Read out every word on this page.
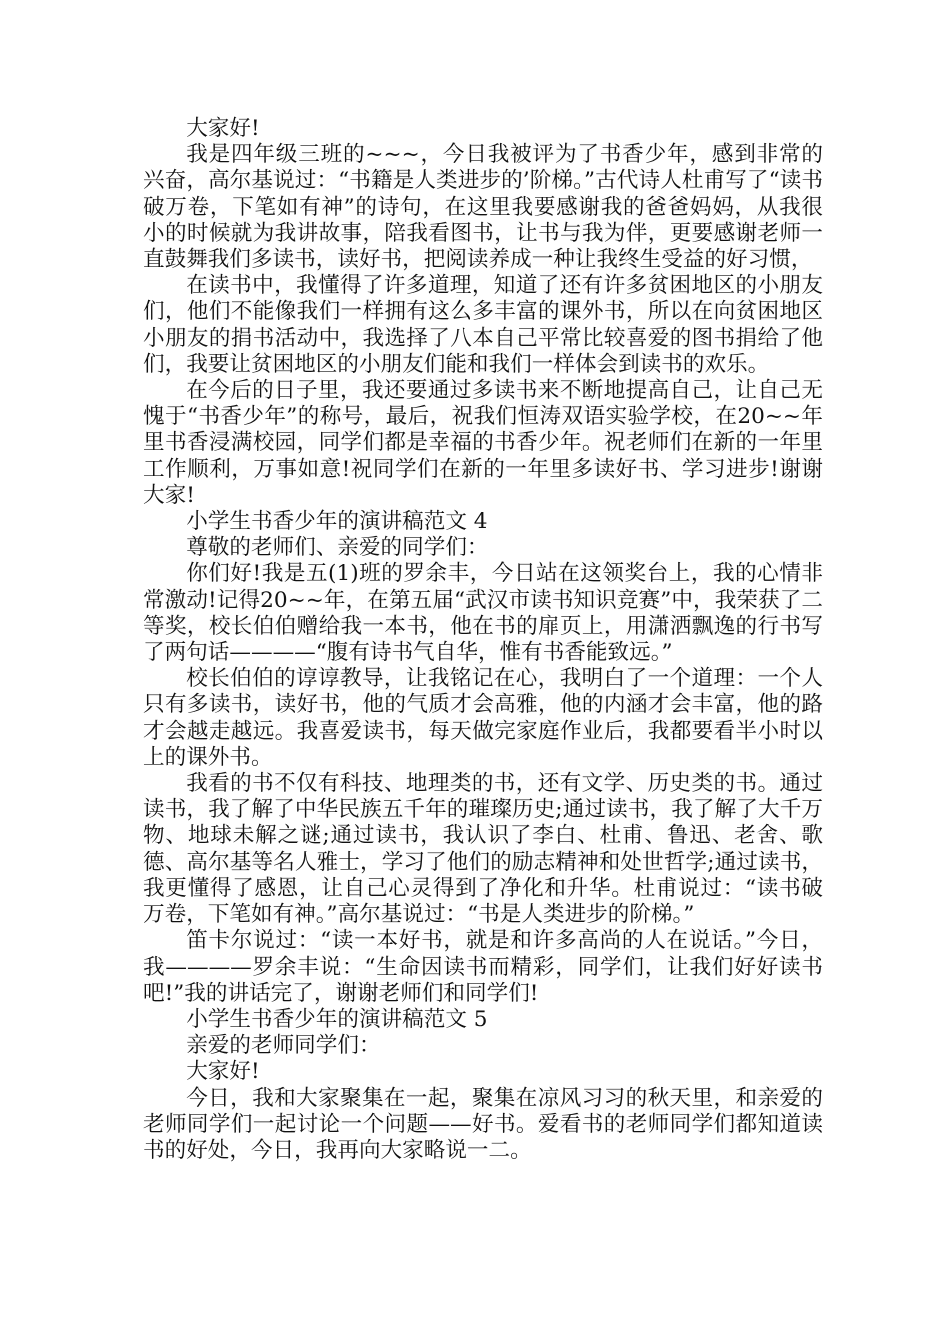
大家好!

我是四年级三班的~~~，今日我被评为了书香少年，感到非常的兴奋，高尔基说过：“书籍是人类进步的’阶梯。”古代诗人杜甫写了“读书破万卷，下笔如有神”的诗句，在这里我要感谢我的爸爸妈妈，从我很小的时候就为我讲故事，陪我看图书，让书与我为伴，更要感谢老师一直鼓舞我们多读书，读好书，把阅读养成一种让我终生受益的好习惯，

在读书中，我懂得了许多道理，知道了还有许多贫困地区的小朋友们，他们不能像我们一样拥有这么多丰富的课外书，所以在向贫困地区小朋友的捐书活动中，我选择了八本自己平常比较喜爱的图书捐给了他们，我要让贫困地区的小朋友们能和我们一样体会到读书的欢乐。

在今后的日子里，我还要通过多读书来不断地提高自己，让自己无愧于“书香少年”的称号，最后，祝我们恒涛双语实验学校，在20~~年里书香浸满校园，同学们都是幸福的书香少年。祝老师们在新的一年里工作顺利，万事如意!祝同学们在新的一年里多读好书、学习进步!谢谢大家!

小学生书香少年的演讲稿范文 4

尊敬的老师们、亲爱的同学们：

你们好!我是五(1)班的罗余丰，今日站在这领奖台上，我的心情非常激动!记得20~~年，在第五届“武汉市读书知识竞赛”中，我荣获了二等奖，校长伯伯赠给我一本书，他在书的扉页上，用潇洒飘逸的行书写了两句话————“腹有诗书气自华，惟有书香能致远。”

校长伯伯的谆谆教导，让我铭记在心，我明白了一个道理：一个人只有多读书，读好书，他的气质才会高雅，他的内涵才会丰富，他的路才会越走越远。我喜爱读书，每天做完家庭作业后，我都要看半小时以上的课外书。

我看的书不仅有科技、地理类的书，还有文学、历史类的书。通过读书，我了解了中华民族五千年的璀璨历史;通过读书，我了解了大千万物、地球未解之谜;通过读书，我认识了李白、杜甫、鲁迅、老舍、歌德、高尔基等名人雅士，学习了他们的励志精神和处世哲学;通过读书，我更懂得了感恩，让自己心灵得到了净化和升华。杜甫说过：“读书破万卷，下笔如有神。”高尔基说过：“书是人类进步的阶梯。”

笛卡尔说过：“读一本好书，就是和许多高尚的人在说话。”今日，我————罗余丰说：“生命因读书而精彩，同学们，让我们好好读书吧!”我的讲话完了，谢谢老师们和同学们!

小学生书香少年的演讲稿范文 5

亲爱的老师同学们：

大家好!

今日，我和大家聚集在一起，聚集在凉风习习的秋天里，和亲爱的老师同学们一起讨论一个问题——好书。爱看书的老师同学们都知道读书的好处，今日，我再向大家略说一二。
